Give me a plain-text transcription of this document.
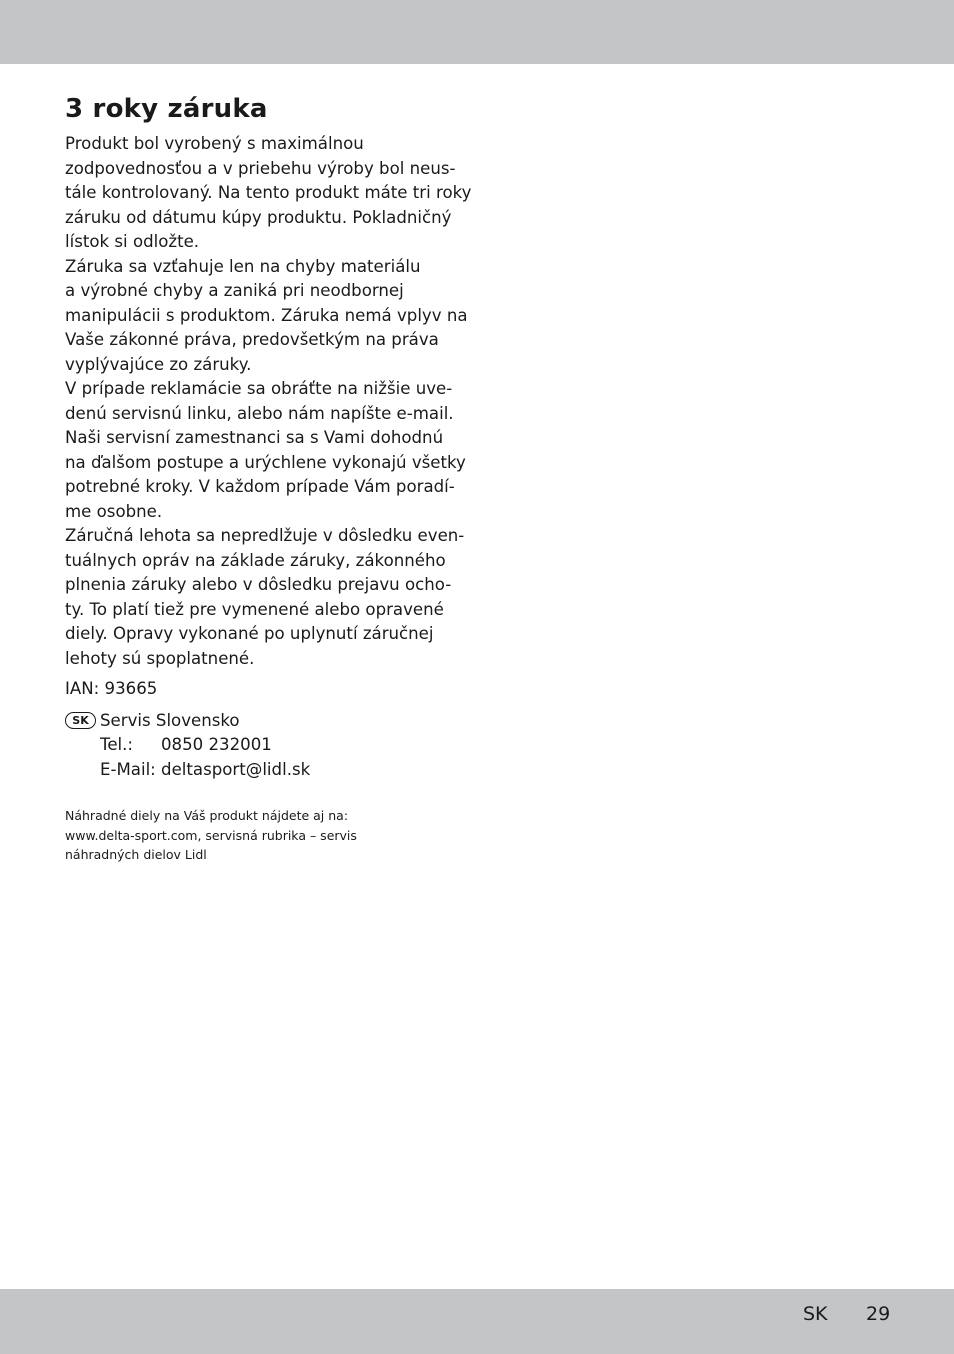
3 roky záruka
Produkt bol vyrobený s maximálnou
zodpovednosťou a v priebehu výroby bol neus-
tále kontrolovaný. Na tento produkt máte tri roky
záruku od dátumu kúpy produktu. Pokladničný
lístok si odložte.
Záruka sa vzťahuje len na chyby materiálu
a výrobné chyby a zaniká pri neodbornej
manipulácii s produktom. Záruka nemá vplyv na
Vaše zákonné práva, predovšetkým na práva
vyplývajúce zo záruky.
V prípade reklamácie sa obráťte na nižšie uve-
denú servisnú linku, alebo nám napíšte e-mail.
Naši servisní zamestnanci sa s Vami dohodnú
na ďalšom postupe a urýchlene vykonajú všetky
potrebné kroky. V každom prípade Vám poradí-
me osobne.
Záručná lehota sa nepredlžuje v dôsledku even-
tuálnych opráv na základe záruky, zákonného
plnenia záruky alebo v dôsledku prejavu ocho-
ty. To platí tiež pre vymenené alebo opravené
diely. Opravy vykonané po uplynutí záručnej
lehoty sú spoplatnené.
IAN: 93665
SK Servis Slovensko
Tel.: 0850 232001
E-Mail: deltasport@lidl.sk
Náhradné diely na Váš produkt nájdete aj na:
www.delta-sport.com, servisná rubrika – servis
náhradných dielov Lidl
SK 29
